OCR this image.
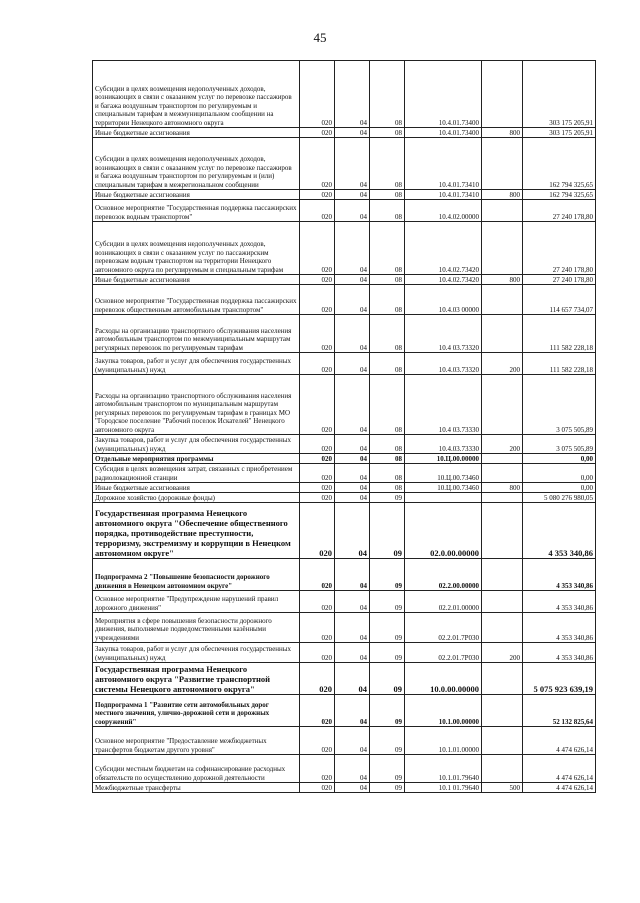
45
Субсидии в целях возмещения недополученных доходов, возникающих в связи с оказанием услуг по перевозке пассажиров и багажа воздушным транспортом по регулируемым и специальным тарифам в межмуниципальном сообщении на территории Ненецкого автономного округа	020	04	08	10.4.01.73400		303 175 205,91
Иные бюджетные ассигнования	020	04	08	10.4.01.73400	800	303 175 205,91
Субсидии в целях возмещения недополученных доходов, возникающих в связи с оказанием услуг по перевозке пассажиров и багажа воздушным транспортом по регулируемым и (или) специальным тарифам в межрегиональном сообщении	020	04	08	10.4.01.73410		162 794 325,65
Иные бюджетные ассигнования	020	04	08	10.4.01.73410	800	162 794 325,65
Основное мероприятие "Государственная поддержка пассажирских перевозок водным транспортом"	020	04	08	10.4.02.00000		27 240 178,80
Субсидии в целях возмещения недополученных доходов, возникающих в связи с оказанием услуг по пассажирским перевозкам водным транспортом на территории Ненецкого автономного округа по регулируемым и специальным тарифам	020	04	08	10.4.02.73420		27 240 178,80
Иные бюджетные ассигнования	020	04	08	10.4.02.73420	800	27 240 178,80
Основное мероприятие "Государственная поддержка пассажирских перевозок общественным автомобильным транспортом"	020	04	08	10.4.03 00000		114 657 734,07
Расходы на организацию транспортного обслуживания населения автомобильным транспортом по межмуниципальным маршрутам регулярных перевозок по регулируемым тарифам	020	04	08	10.4 03.73320		111 582 228,18
Закупка товаров, работ и услуг для обеспечения государственных (муниципальных) нужд	020	04	08	10.4.03.73320	200	111 582 228,18
Расходы на организацию транспортного обслуживания населения автомобильным транспортом по муниципальным маршрутам регулярных перевозок по регулируемым тарифам в границах МО "Городское поселение "Рабочий поселок Искателей" Ненецкого автономного округа	020	04	08	10.4 03.73330		3 075 505,89
Закупка товаров, работ и услуг для обеспечения государственных (муниципальных) нужд	020	04	08	10.4.03.73330	200	3 075 505,89
Отдельные мероприятия программы	020	04	08	10.Ц.00.00000		0,00
Субсидия в целях возмещения затрат, связанных с приобретением радиолокационной станции	020	04	08	10.Ц.00.73460		0,00
Иные бюджетные ассигнования	020	04	08	10.Ц.00.73460	800	0,00
Дорожное хозяйство (дорожные фонды)	020	04	09			5 080 276 980,05
Государственная программа Ненецкого автономного округа "Обеспечение общественного порядка, противодействие преступности, терроризму, экстремизму и коррупции в Ненецком автономном округе"	020	04	09	02.0.00.00000		4 353 340,86
Подпрограмма 2 "Повышение безопасности дорожного движения в Ненецком автономном округе"	020	04	09	02.2.00.00000		4 353 340,86
Основное мероприятие "Предупреждение нарушений правил дорожного движения"	020	04	09	02.2.01.00000		4 353 340,86
Мероприятия в сфере повышения безопасности дорожного движения, выполняемые подведомственными казёнными учреждениями	020	04	09	02.2.01.7Р030		4 353 340,86
Закупка товаров, работ и услуг для обеспечения государственных (муниципальных) нужд	020	04	09	02.2.01.7Р030	200	4 353 340,86
Государственная программа Ненецкого автономного округа "Развитие транспортной системы Ненецкого автономного округа"	020	04	09	10.0.00.00000		5 075 923 639,19
Подпрограмма 1 "Развитие сети автомобильных дорог местного значения, улично-дорожной сети и дорожных сооружений"	020	04	09	10.1.00.00000		52 132 825,64
Основное мероприятие "Предоставление межбюджетных трансфертов бюджетам другого уровня"	020	04	09	10.1.01.00000		4 474 626,14
Субсидии местным бюджетам на софинансирование расходных обязательств по осуществлению дорожной деятельности	020	04	09	10.1.01.79640		4 474 626,14
Межбюджетные трансферты	020	04	09	10.1 01.79640	500	4 474 626,14
